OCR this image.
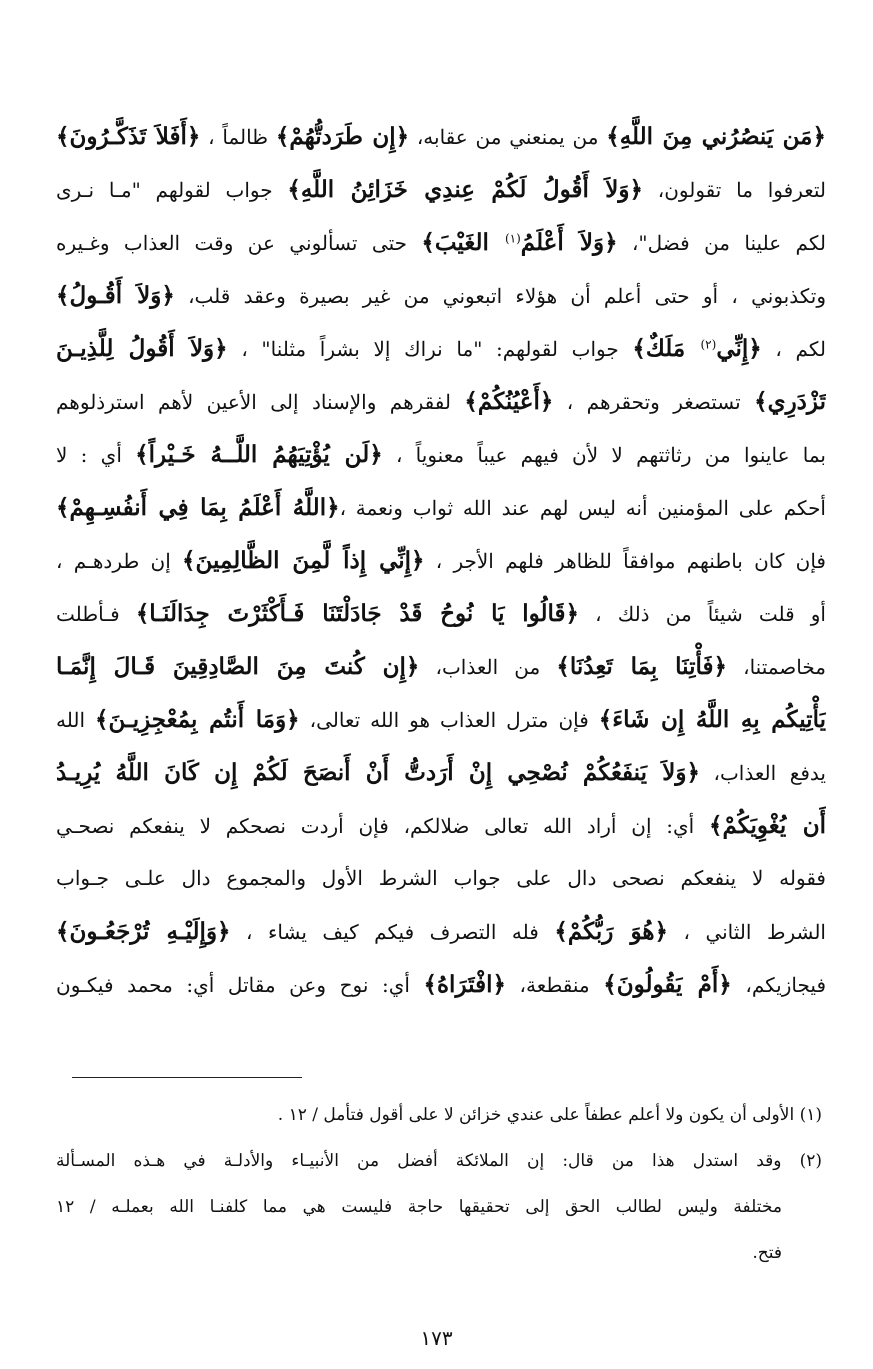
﴿مَن يَنصُرُني مِنَ اللَّهِ﴾ من يمنعني من عقابه، ﴿إِن طَرَدتُّهُمْ﴾ ظالماً ، ﴿أَفَلاَ تَذَكَّـرُونَ﴾
لتعرفوا ما تقولون، ﴿وَلاَ أَقُولُ لَكُمْ عِندِي خَزَائِنُ اللَّهِ﴾ جواب لقولهم "مـا نـرى
لكم علينا من فضل"، ﴿وَلاَ أَعْلَمُ$^{(١)}$ الغَيْبَ﴾ حتى تسألوني عن وقت العذاب وغـيره
وتكذبوني ، أو حتى أعلم أن هؤلاء اتبعوني من غير بصيرة وعقد قلب، ﴿وَلاَ أَقُـولُ﴾
لكم ، ﴿إِنِّي$^{(٢)}$ مَلَكٌ﴾ جواب لقولهم: "ما نراك إلا بشراً مثلنا" ، ﴿وَلاَ أَقُولُ لِلَّذِيـنَ
تَزْدَرِي﴾ تستصغر وتحقرهم ، ﴿أَعْيُنُكُمْ﴾ لفقرهم والإسناد إلى الأعين لأهم استرذلوهم
بما عاينوا من رثاثتهم لا لأن فيهم عيباً معنوياً ، ﴿لَن يُؤْتِيَهُمُ اللَّــهُ خَـيْراً﴾ أي : لا
أحكم على المؤمنين أنه ليس لهم عند الله ثواب ونعمة ،﴿اللَّهُ أَعْلَمُ بِمَا فِي أَنفُسِـهِمْ﴾
فإن كان باطنهم موافقاً للظاهر فلهم الأجر ، ﴿إِنِّي إِذاً لَّمِنَ الظَّالِمِينَ﴾ إن طردهـم ،
أو قلت شيئاً من ذلك ، ﴿قَالُوا يَا نُوحُ قَدْ جَادَلْتَنَا فَـأَكْثَرْتَ جِدَالَنَـا﴾ فـأطلت
مخاصمتنا، ﴿فَأْتِنَا بِمَا تَعِدُنَا﴾ من العذاب، ﴿إِن كُنتَ مِنَ الصَّادِقِينَ قَـالَ إِنَّمَـا
يَأْتِيكُم بِهِ اللَّهُ إِن شَاءَ﴾ فإن مترل العذاب هو الله تعالى، ﴿وَمَا أَنتُم بِمُعْجِزِيـنَ﴾ الله
يدفع العذاب، ﴿وَلاَ يَنفَعُكُمْ نُصْحِي إِنْ أَرَدتُّ أَنْ أَنصَحَ لَكُمْ إِن كَانَ اللَّهُ يُرِيـدُ
أَن يُغْوِيَكُمْ﴾ أي: إن أراد الله تعالى ضلالكم، فإن أردت نصحكم لا ينفعكم نصحـي
فقوله لا ينفعكم نصحى دال على جواب الشرط الأول والمجموع دال علـى جـواب
الشرط الثاني ، ﴿هُوَ رَبُّكُمْ﴾ فله التصرف فيكم كيف يشاء ، ﴿وَإِلَيْـهِ تُرْجَعُـونَ﴾
فيجازيكم، ﴿أَمْ يَقُولُونَ﴾ منقطعة، ﴿افْتَرَاهُ﴾ أي: نوح وعن مقاتل أي: محمد فيكـون
(١) الأولى أن يكون ولا أعلم عطفاً على عندي خزائن لا على أقول فتأمل / ١٢ .
(٢) وقد استدل هذا من قال: إن الملائكة أفضل من الأنبيـاء والأدلـة في هـذه المسـألة
مختلفة وليس لطالب الحق إلى تحقيقها حاجة فليست هي مما كلفنـا الله بعملـه / ١٢
فتح.
١٧٣
